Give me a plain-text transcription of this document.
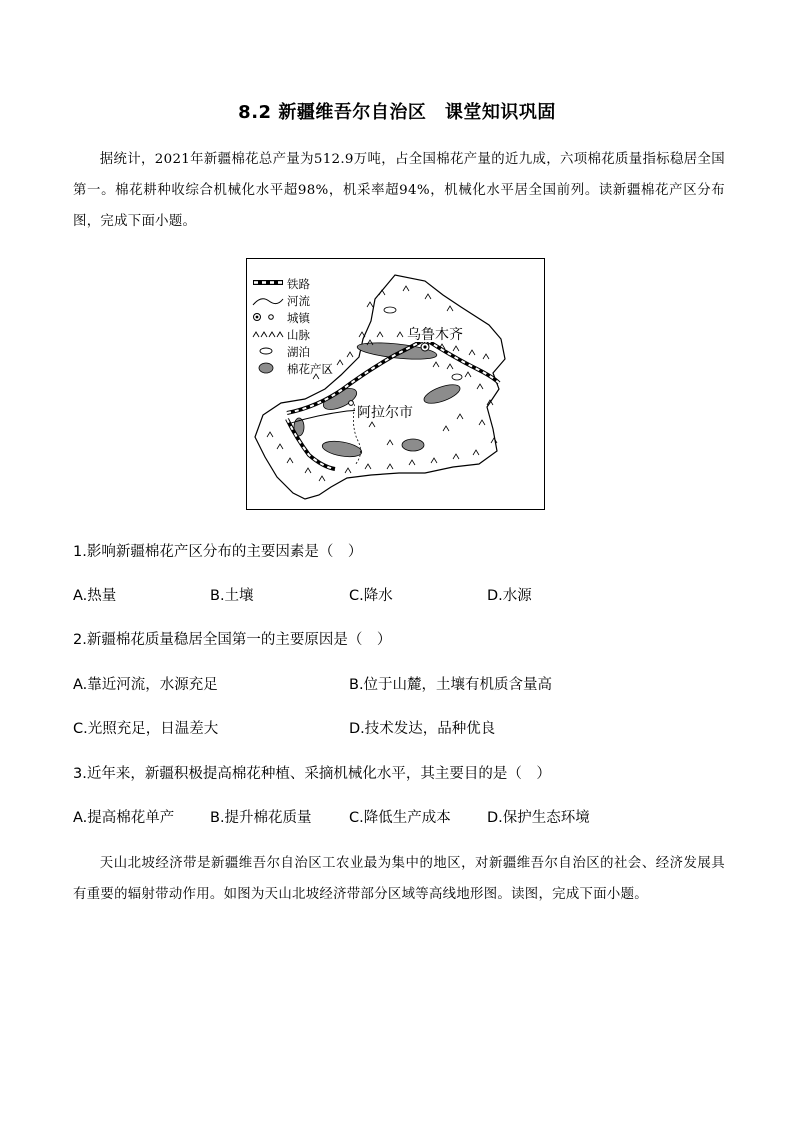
8.2 新疆维吾尔自治区　课堂知识巩固
据统计，2021年新疆棉花总产量为512.9万吨，占全国棉花产量的近九成，六项棉花质量指标稳居全国第一。棉花耕种收综合机械化水平超98%，机采率超94%，机械化水平居全国前列。读新疆棉花产区分布图，完成下面小题。
铁路
河流
城镇
山脉
湖泊
棉花产区
乌鲁木齐
阿拉尔市
1.影响新疆棉花产区分布的主要因素是（　）
A.热量	B.土壤	C.降水	D.水源
2.新疆棉花质量稳居全国第一的主要原因是（　）
A.靠近河流，水源充足	B.位于山麓，土壤有机质含量高
C.光照充足，日温差大	D.技术发达，品种优良
3.近年来，新疆积极提高棉花种植、采摘机械化水平，其主要目的是（　）
A.提高棉花单产 B.提升棉花质量	C.降低生产成本	D.保护生态环境
天山北坡经济带是新疆维吾尔自治区工农业最为集中的地区，对新疆维吾尔自治区的社会、经济发展具有重要的辐射带动作用。如图为天山北坡经济带部分区域等高线地形图。读图，完成下面小题。
